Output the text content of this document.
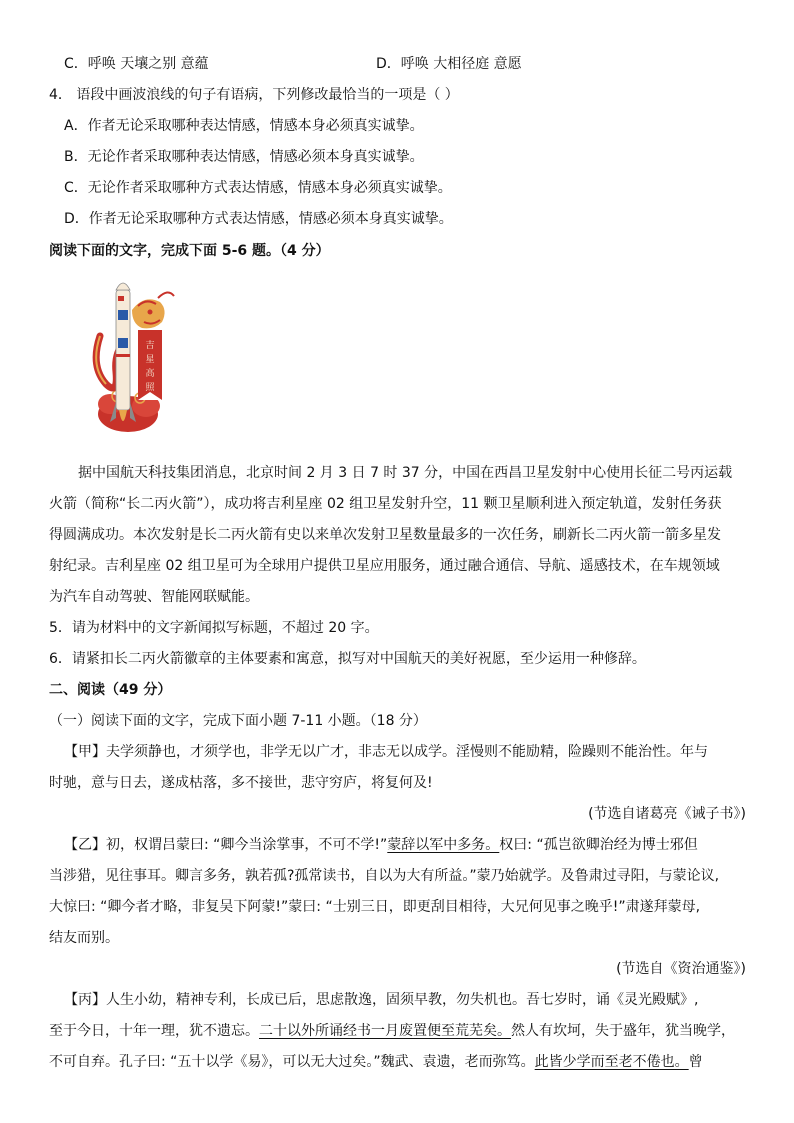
C．呼唤 天壤之别 意蕴	D．呼唤 大相径庭 意愿
4． 语段中画波浪线的句子有语病，下列修改最恰当的一项是（ ）
A．作者无论采取哪种表达情感，情感本身必须真实诚挚。
B．无论作者采取哪种表达情感，情感必须本身真实诚挚。
C．无论作者采取哪种方式表达情感，情感本身必须真实诚挚。
D．作者无论采取哪种方式表达情感，情感必须本身真实诚挚。
阅读下面的文字，完成下面 5-6 题。（4 分）
吉
星
高
照
据中国航天科技集团消息，北京时间 2 月 3 日 7 时 37 分，中国在西昌卫星发射中心使用长征二号丙运载
火箭（简称“长二丙火箭”），成功将吉利星座 02 组卫星发射升空，11 颗卫星顺利进入预定轨道，发射任务获
得圆满成功。本次发射是长二丙火箭有史以来单次发射卫星数量最多的一次任务，刷新长二丙火箭一箭多星发
射纪录。吉利星座 02 组卫星可为全球用户提供卫星应用服务，通过融合通信、导航、遥感技术，在车规领域
为汽车自动驾驶、智能网联赋能。
5．请为材料中的文字新闻拟写标题，不超过 20 字。
6．请紧扣长二丙火箭徽章的主体要素和寓意，拟写对中国航天的美好祝愿，至少运用一种修辞。
二、阅读（49 分）
（一）阅读下面的文字，完成下面小题 7-11 小题。（18 分）
【甲】夫学须静也，才须学也，非学无以广才，非志无以成学。淫慢则不能励精，险躁则不能治性。年与
时驰，意与日去，遂成枯落，多不接世，悲守穷庐，将复何及!
(节选自诸葛亮《诫子书》)
【乙】初，权谓吕蒙曰: “卿今当涂掌事，不可不学!”蒙辞以军中多务。权曰: “孤岂欲卿治经为博士邪但
当涉猎，见往事耳。卿言多务，孰若孤?孤常读书，自以为大有所益。”蒙乃始就学。及鲁肃过寻阳，与蒙论议,
大惊曰: “卿今者才略，非复吴下阿蒙!”蒙曰: “士别三日，即更刮目相待，大兄何见事之晚乎!”肃遂拜蒙母,
结友而别。
(节选自《资治通鉴》)
【丙】人生小幼，精神专利，长成已后，思虑散逸，固须早教，勿失机也。吾七岁时，诵《灵光殿赋》,
至于今日，十年一理，犹不遗忘。二十以外所诵经书一月废置便至荒芜矣。然人有坎坷，失于盛年，犹当晚学，
不可自弃。孔子曰: “五十以学《易》，可以无大过矣。”魏武、袁遗，老而弥笃。此皆少学而至老不倦也。曾
